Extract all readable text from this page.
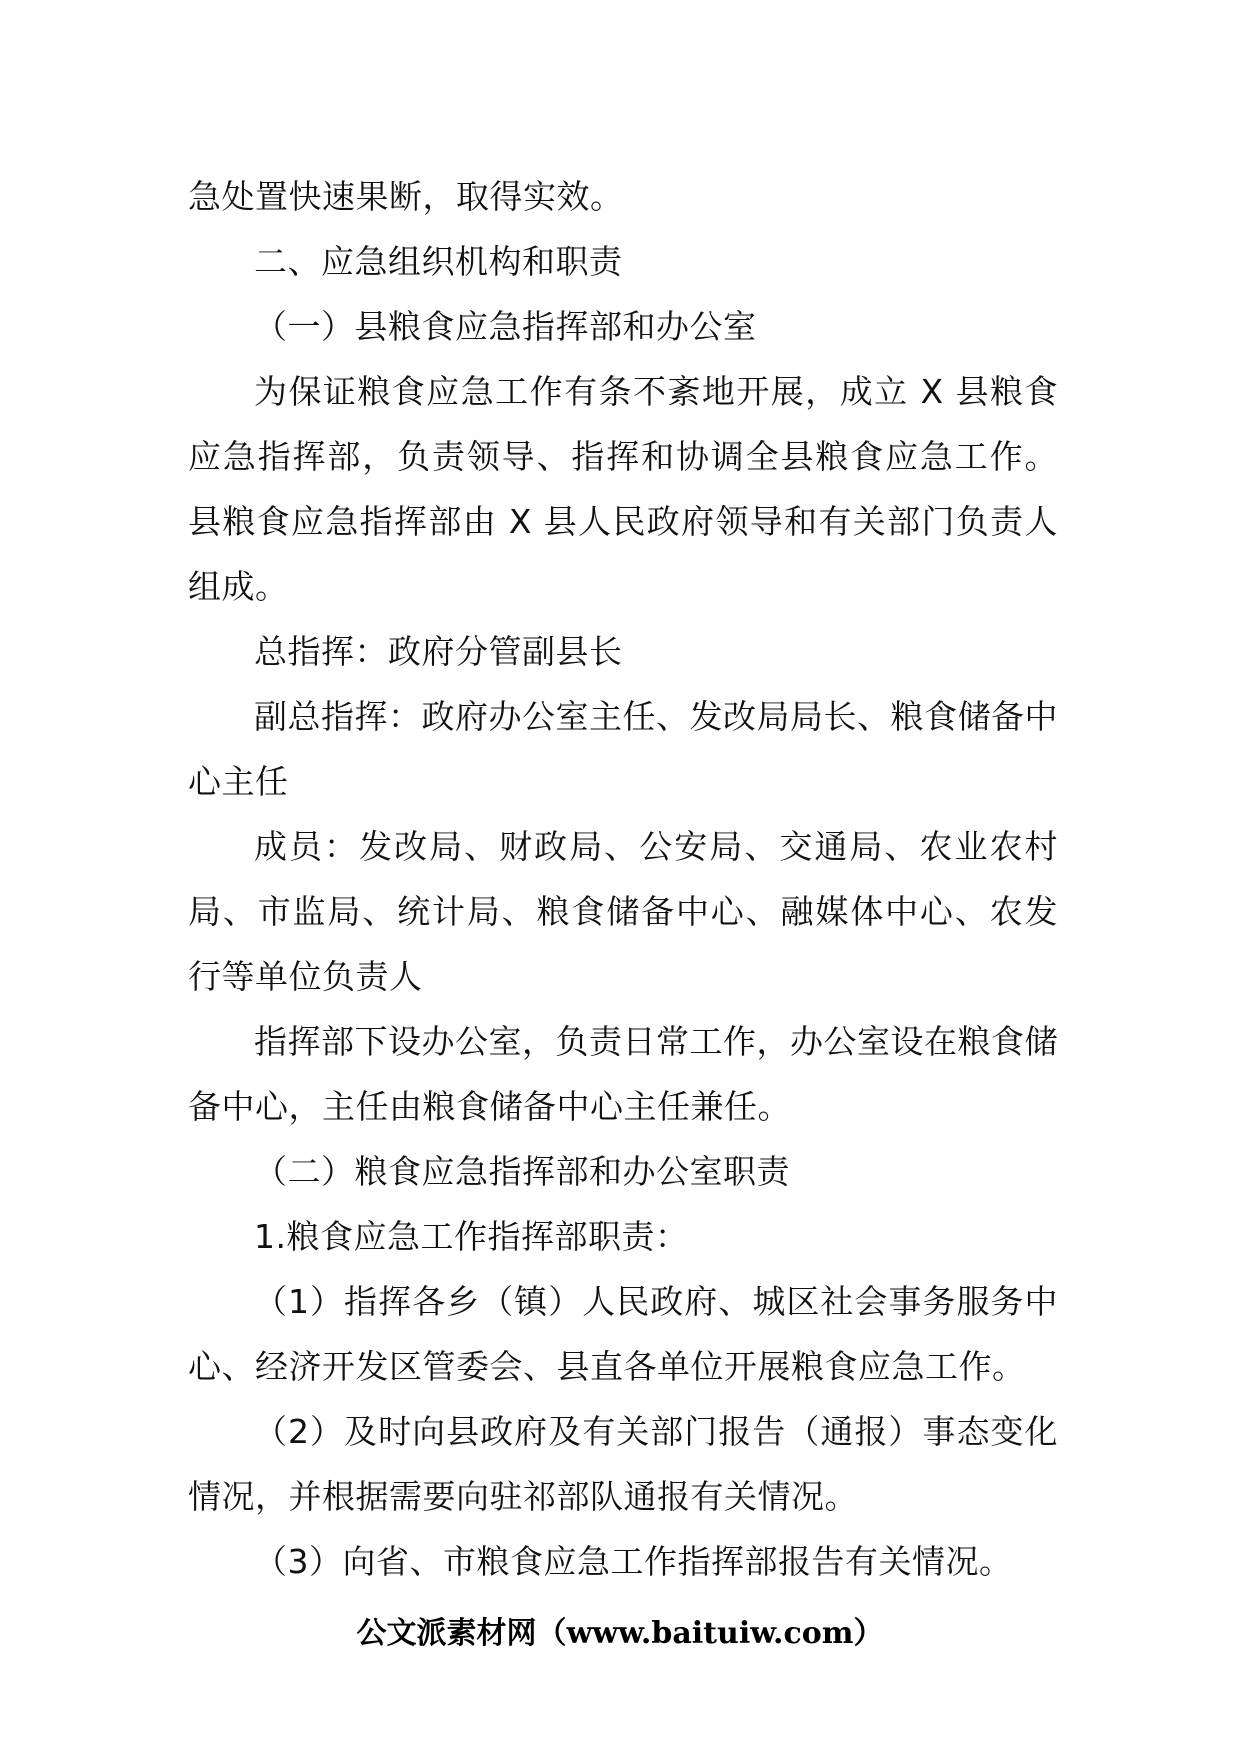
急处置快速果断，取得实效。

二、应急组织机构和职责

（一）县粮食应急指挥部和办公室

为保证粮食应急工作有条不紊地开展，成立 X 县粮食应急指挥部，负责领导、指挥和协调全县粮食应急工作。县粮食应急指挥部由 X 县人民政府领导和有关部门负责人组成。

总指挥：政府分管副县长

副总指挥：政府办公室主任、发改局局长、粮食储备中心主任

成员：发改局、财政局、公安局、交通局、农业农村局、市监局、统计局、粮食储备中心、融媒体中心、农发行等单位负责人

指挥部下设办公室，负责日常工作，办公室设在粮食储备中心，主任由粮食储备中心主任兼任。

（二）粮食应急指挥部和办公室职责

1.粮食应急工作指挥部职责：

（1）指挥各乡（镇）人民政府、城区社会事务服务中心、经济开发区管委会、县直各单位开展粮食应急工作。

（2）及时向县政府及有关部门报告（通报）事态变化情况，并根据需要向驻祁部队通报有关情况。

（3）向省、市粮食应急工作指挥部报告有关情况。

公文派素材网（www.baituiw.com）
